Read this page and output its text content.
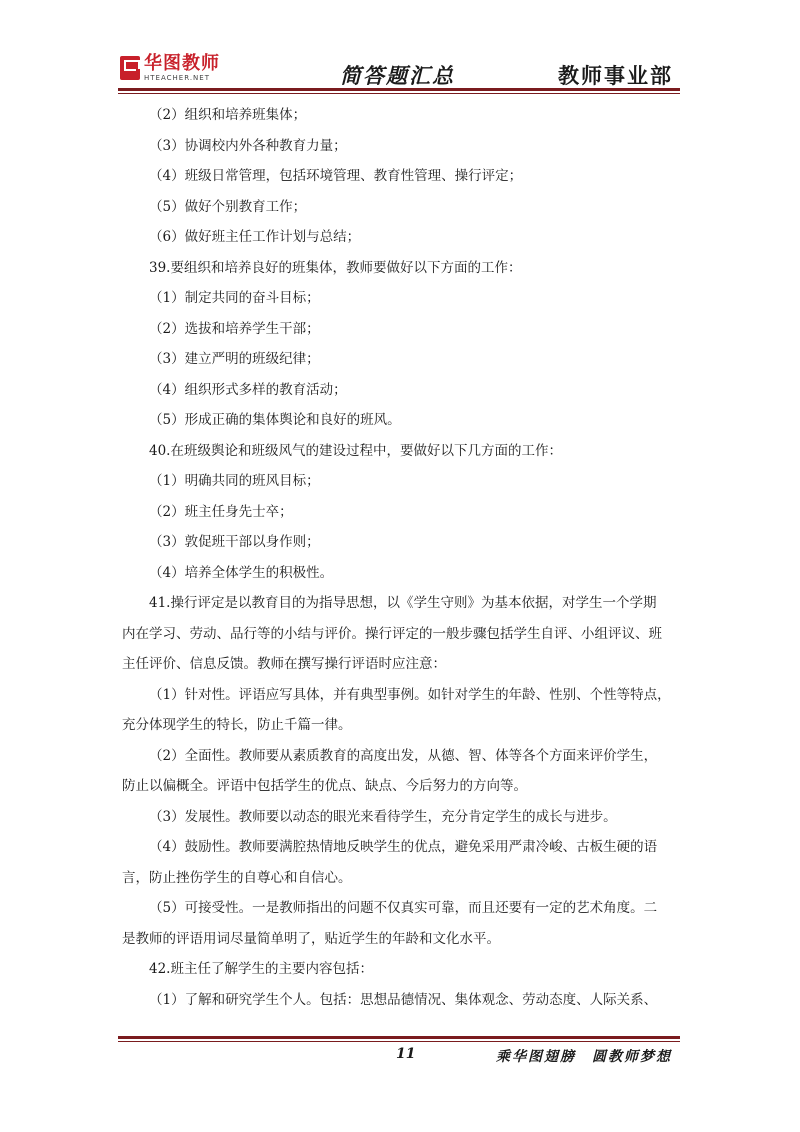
华图教师
HTEACHER.NET	简答题汇总	教师事业部
（2）组织和培养班集体；
（3）协调校内外各种教育力量；
（4）班级日常管理，包括环境管理、教育性管理、操行评定；
（5）做好个别教育工作；
（6）做好班主任工作计划与总结；
39.要组织和培养良好的班集体，教师要做好以下方面的工作：
（1）制定共同的奋斗目标；
（2）选拔和培养学生干部；
（3）建立严明的班级纪律；
（4）组织形式多样的教育活动；
（5）形成正确的集体舆论和良好的班风。
40.在班级舆论和班级风气的建设过程中，要做好以下几方面的工作：
（1）明确共同的班风目标；
（2）班主任身先士卒；
（3）敦促班干部以身作则；
（4）培养全体学生的积极性。
41.操行评定是以教育目的为指导思想，以《学生守则》为基本依据，对学生一个学期
内在学习、劳动、品行等的小结与评价。操行评定的一般步骤包括学生自评、小组评议、班
主任评价、信息反馈。教师在撰写操行评语时应注意：
（1）针对性。评语应写具体，并有典型事例。如针对学生的年龄、性别、个性等特点，
充分体现学生的特长，防止千篇一律。
（2）全面性。教师要从素质教育的高度出发，从德、智、体等各个方面来评价学生，
防止以偏概全。评语中包括学生的优点、缺点、今后努力的方向等。
（3）发展性。教师要以动态的眼光来看待学生，充分肯定学生的成长与进步。
（4）鼓励性。教师要满腔热情地反映学生的优点，避免采用严肃冷峻、古板生硬的语
言，防止挫伤学生的自尊心和自信心。
（5）可接受性。一是教师指出的问题不仅真实可靠，而且还要有一定的艺术角度。二
是教师的评语用词尽量简单明了，贴近学生的年龄和文化水平。
42.班主任了解学生的主要内容包括：
（1）了解和研究学生个人。包括：思想品德情况、集体观念、劳动态度、人际关系、
11	乘华图翅膀　圆教师梦想
